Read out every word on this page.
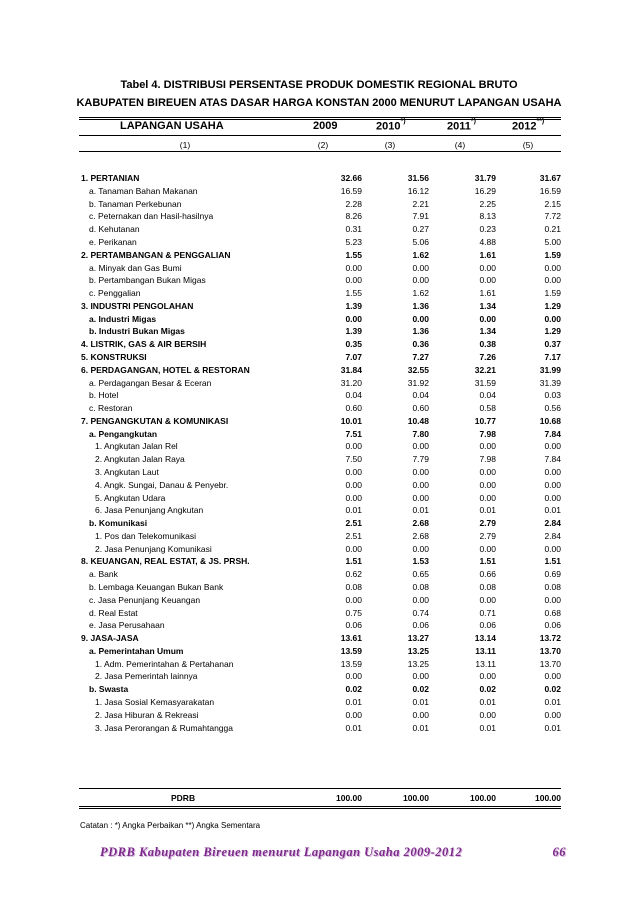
Tabel 4. DISTRIBUSI PERSENTASE PRODUK DOMESTIK REGIONAL BRUTO
KABUPATEN BIREUEN ATAS DASAR HARGA KONSTAN 2000 MENURUT LAPANGAN USAHA
LAPANGAN USAHA	2009	2010*)	2011*)	2012**)
(1)	(2)	(3)	(4)	(5)
1. PERTANIAN	32.66	31.56	31.79	31.67
a. Tanaman Bahan Makanan	16.59	16.12	16.29	16.59
b. Tanaman Perkebunan	2.28	2.21	2.25	2.15
c. Peternakan dan Hasil-hasilnya	8.26	7.91	8.13	7.72
d. Kehutanan	0.31	0.27	0.23	0.21
e. Perikanan	5.23	5.06	4.88	5.00
2. PERTAMBANGAN & PENGGALIAN	1.55	1.62	1.61	1.59
a. Minyak dan Gas Bumi	0.00	0.00	0.00	0.00
b. Pertambangan Bukan Migas	0.00	0.00	0.00	0.00
c. Penggalian	1.55	1.62	1.61	1.59
3. INDUSTRI PENGOLAHAN	1.39	1.36	1.34	1.29
a. Industri Migas	0.00	0.00	0.00	0.00
b. Industri Bukan Migas	1.39	1.36	1.34	1.29
4. LISTRIK, GAS & AIR BERSIH	0.35	0.36	0.38	0.37
5. KONSTRUKSI	7.07	7.27	7.26	7.17
6. PERDAGANGAN, HOTEL & RESTORAN	31.84	32.55	32.21	31.99
a. Perdagangan Besar & Eceran	31.20	31.92	31.59	31.39
b. Hotel	0.04	0.04	0.04	0.03
c. Restoran	0.60	0.60	0.58	0.56
7. PENGANGKUTAN & KOMUNIKASI	10.01	10.48	10.77	10.68
a. Pengangkutan	7.51	7.80	7.98	7.84
1. Angkutan Jalan Rel	0.00	0.00	0.00	0.00
2. Angkutan Jalan Raya	7.50	7.79	7.98	7.84
3. Angkutan Laut	0.00	0.00	0.00	0.00
4. Angk. Sungai, Danau & Penyebr.	0.00	0.00	0.00	0.00
5. Angkutan Udara	0.00	0.00	0.00	0.00
6. Jasa Penunjang Angkutan	0.01	0.01	0.01	0.01
b. Komunikasi	2.51	2.68	2.79	2.84
1. Pos dan Telekomunikasi	2.51	2.68	2.79	2.84
2. Jasa Penunjang Komunikasi	0.00	0.00	0.00	0.00
8. KEUANGAN, REAL ESTAT, & JS. PRSH.	1.51	1.53	1.51	1.51
a. Bank	0.62	0.65	0.66	0.69
b. Lembaga Keuangan Bukan Bank	0.08	0.08	0.08	0.08
c. Jasa Penunjang Keuangan	0.00	0.00	0.00	0.00
d. Real Estat	0.75	0.74	0.71	0.68
e. Jasa Perusahaan	0.06	0.06	0.06	0.06
9. JASA-JASA	13.61	13.27	13.14	13.72
a. Pemerintahan Umum	13.59	13.25	13.11	13.70
1. Adm. Pemerintahan & Pertahanan	13.59	13.25	13.11	13.70
2. Jasa Pemerintah lainnya	0.00	0.00	0.00	0.00
b. Swasta	0.02	0.02	0.02	0.02
1. Jasa Sosial Kemasyarakatan	0.01	0.01	0.01	0.01
2. Jasa Hiburan & Rekreasi	0.00	0.00	0.00	0.00
3. Jasa Perorangan & Rumahtangga	0.01	0.01	0.01	0.01
PDRB	100.00	100.00	100.00	100.00
Catatan : *) Angka Perbaikan **) Angka Sementara
PDRB Kabupaten Bireuen menurut Lapangan Usaha 2009-2012	66
